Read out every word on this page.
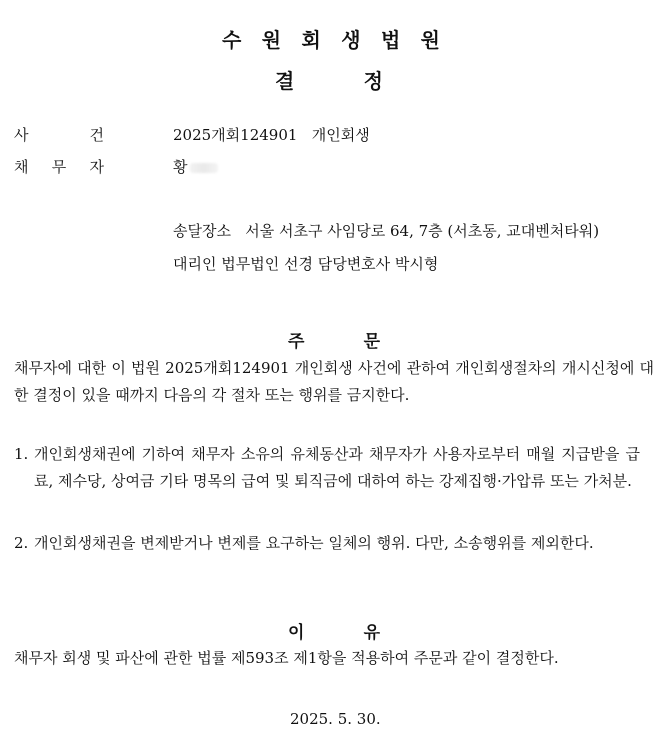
수 원 회 생 법 원
결	정
사	건	2025개회124901   개인회생
채 무 자	황
송달장소   서울 서초구 사임당로 64, 7층 (서초동, 교대벤처타워)
대리인 법무법인 선경 담당변호사 박시형
주	문
채무자에 대한 이 법원 2025개회124901 개인회생 사건에 관하여 개인회생절차의 개시신청에 대한 결정이 있을 때까지 다음의 각 절차 또는 행위를 금지한다.
1. 개인회생채권에 기하여 채무자 소유의 유체동산과 채무자가 사용자로부터 매월 지급받을 급료, 제수당, 상여금 기타 명목의 급여 및 퇴직금에 대하여 하는 강제집행·가압류 또는 가처분.
2. 개인회생채권을 변제받거나 변제를 요구하는 일체의 행위. 다만, 소송행위를 제외한다.
이	유
채무자 회생 및 파산에 관한 법률 제593조 제1항을 적용하여 주문과 같이 결정한다.
2025. 5. 30.
